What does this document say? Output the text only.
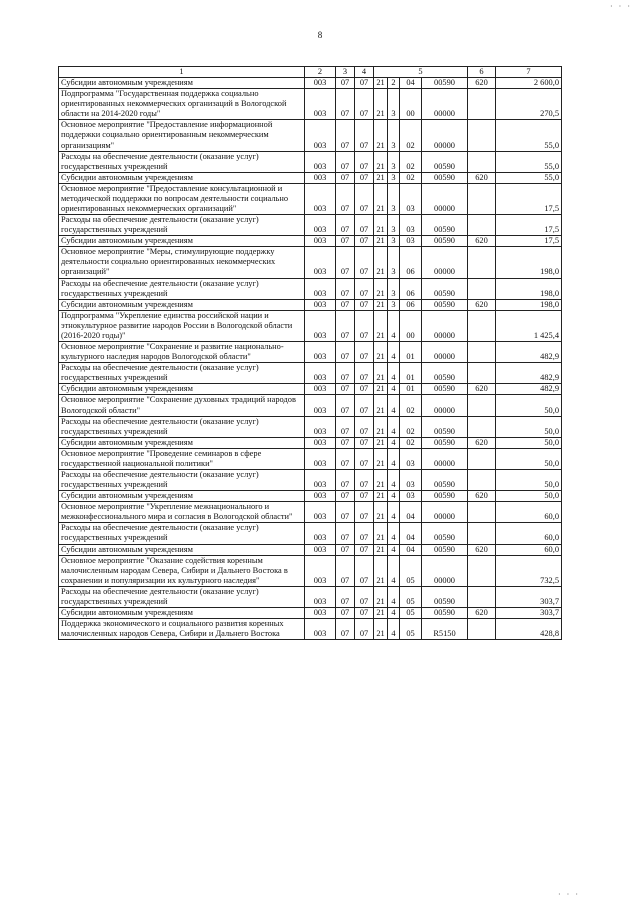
· · ·
8
1	2	3	4	5				6	7
Субсидии автономным учреждениям	003	07	07	21	2	04	00590	620	2 600,0
Подпрограмма "Государственная поддержка социально ориентированных некоммерческих организаций в Вологодской области на 2014-2020 годы"	003	07	07	21	3	00	00000		270,5
Основное мероприятие "Предоставление информационной поддержки социально ориентированным некоммерческим организациям"	003	07	07	21	3	02	00000		55,0
Расходы на обеспечение деятельности (оказание услуг) государственных учреждений	003	07	07	21	3	02	00590		55,0
Субсидии автономным учреждениям	003	07	07	21	3	02	00590	620	55,0
Основное мероприятие "Предоставление консультационной и методической поддержки по вопросам деятельности социально ориентированных некоммерческих организаций"	003	07	07	21	3	03	00000		17,5
Расходы на обеспечение деятельности (оказание услуг) государственных учреждений	003	07	07	21	3	03	00590		17,5
Субсидии автономным учреждениям	003	07	07	21	3	03	00590	620	17,5
Основное мероприятие "Меры, стимулирующие поддержку деятельности социально ориентированных некоммерческих организаций"	003	07	07	21	3	06	00000		198,0
Расходы на обеспечение деятельности (оказание услуг) государственных учреждений	003	07	07	21	3	06	00590		198,0
Субсидии автономным учреждениям	003	07	07	21	3	06	00590	620	198,0
Подпрограмма "Укрепление единства российской нации и этнокультурное развитие народов России в Вологодской области (2016-2020 годы)"	003	07	07	21	4	00	00000		1 425,4
Основное мероприятие "Сохранение и развитие национально-культурного наследия народов Вологодской области"	003	07	07	21	4	01	00000		482,9
Расходы на обеспечение деятельности (оказание услуг) государственных учреждений	003	07	07	21	4	01	00590		482,9
Субсидии автономным учреждениям	003	07	07	21	4	01	00590	620	482,9
Основное мероприятие "Сохранение духовных традиций народов Вологодской области"	003	07	07	21	4	02	00000		50,0
Расходы на обеспечение деятельности (оказание услуг) государственных учреждений	003	07	07	21	4	02	00590		50,0
Субсидии автономным учреждениям	003	07	07	21	4	02	00590	620	50,0
Основное мероприятие "Проведение семинаров в сфере государственной национальной политики"	003	07	07	21	4	03	00000		50,0
Расходы на обеспечение деятельности (оказание услуг) государственных учреждений	003	07	07	21	4	03	00590		50,0
Субсидии автономным учреждениям	003	07	07	21	4	03	00590	620	50,0
Основное мероприятие "Укрепление межнационального и межконфессионального мира и согласия в Вологодской области"	003	07	07	21	4	04	00000		60,0
Расходы на обеспечение деятельности (оказание услуг) государственных учреждений	003	07	07	21	4	04	00590		60,0
Субсидии автономным учреждениям	003	07	07	21	4	04	00590	620	60,0
Основное мероприятие "Оказание содействия коренным малочисленным народам Севера, Сибири и Дальнего Востока в сохранении и популяризации их культурного наследия"	003	07	07	21	4	05	00000		732,5
Расходы на обеспечение деятельности (оказание услуг) государственных учреждений	003	07	07	21	4	05	00590		303,7
Субсидии автономным учреждениям	003	07	07	21	4	05	00590	620	303,7
Поддержка экономического и социального развития коренных малочисленных народов Севера, Сибири и Дальнего Востока	003	07	07	21	4	05	R5150		428,8
· · ·
